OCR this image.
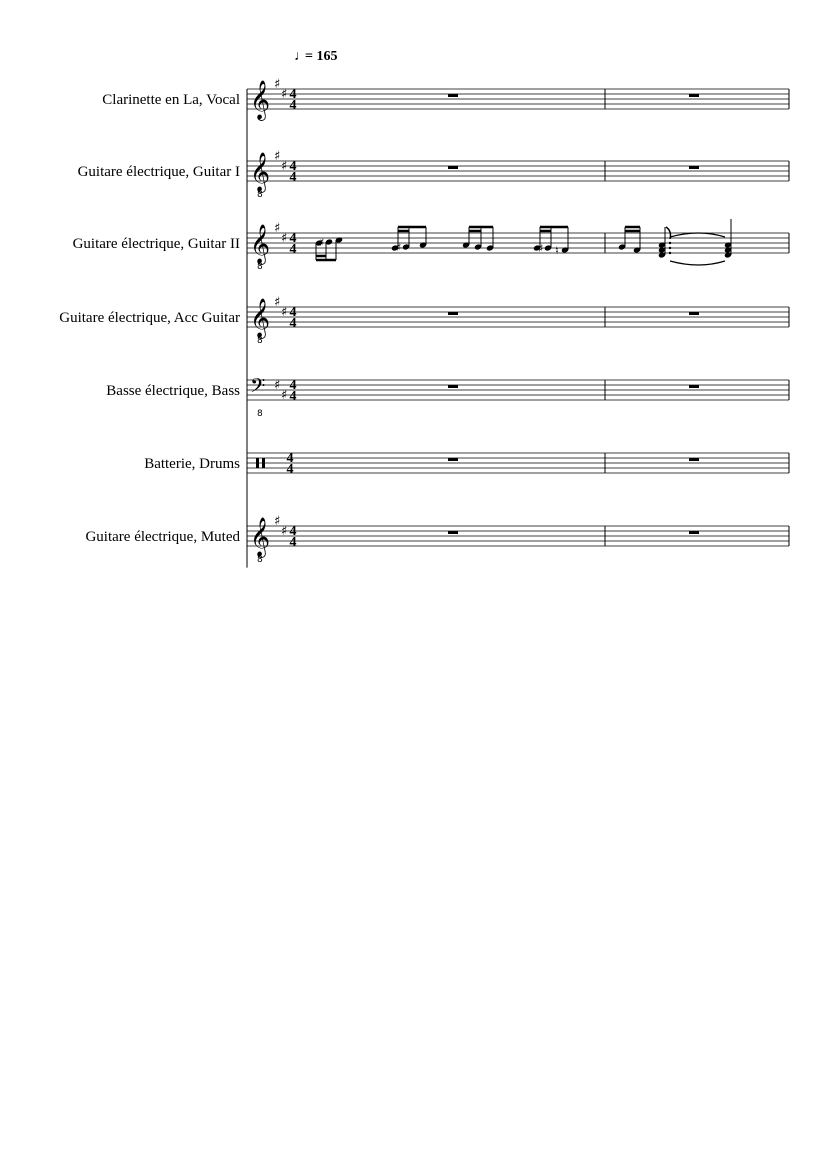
♩
= 165
Clarinette en La, Vocal 𝄞 ♯
♯ 4
4
Guitare électrique, Guitar I 𝄞
8
♯
♯ 4
4
Guitare électrique, Guitar II 𝄞
8
♯
♯ 4
4 ♯	♯	♯ ♮
Guitare électrique, Acc Guitar 𝄞
8
♯
♯ 4
4
Basse électrique, Bass 𝄢
8
♯
♯
4
4
Batterie, Drums	4
4
Guitare électrique, Muted 𝄞
8
♯
♯ 4
4
